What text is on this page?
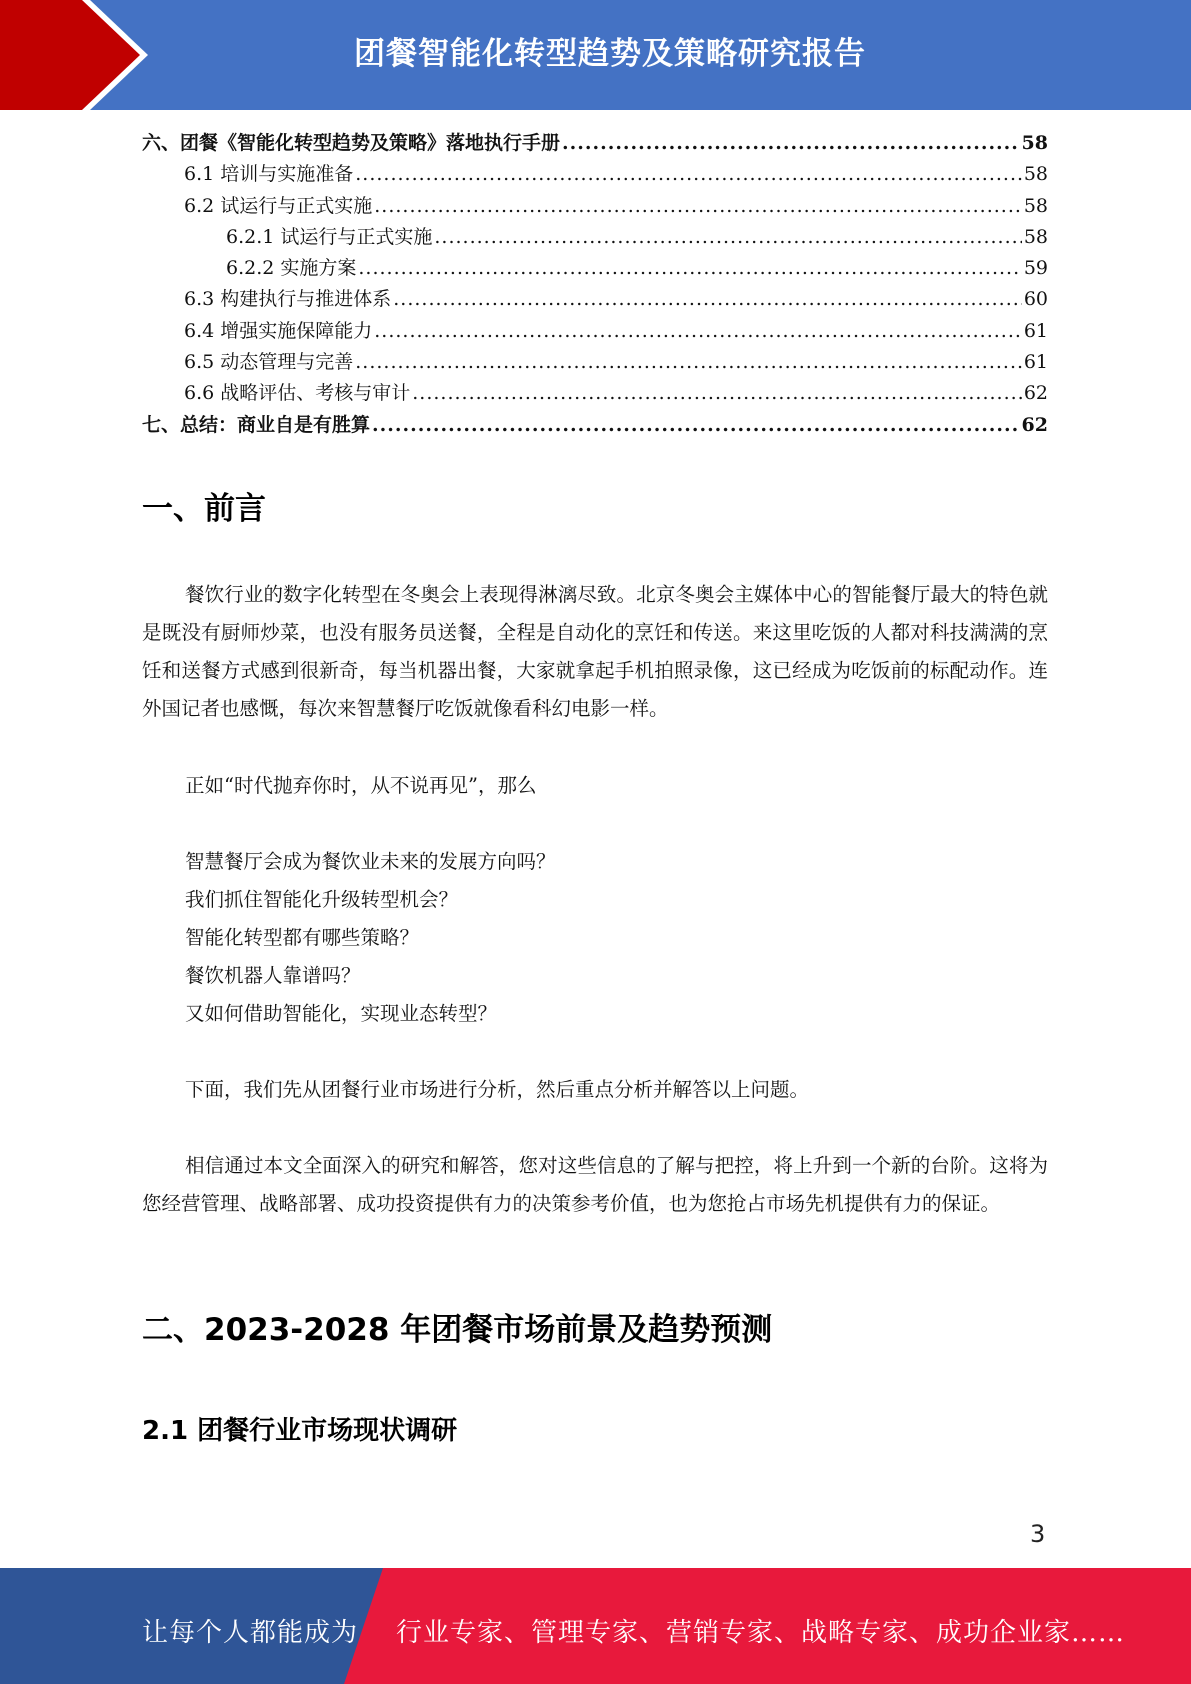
团餐智能化转型趋势及策略研究报告
六、团餐《智能化转型趋势及策略》落地执行手册 .....	58
6.1 培训与实施准备 .....	58
6.2 试运行与正式实施 .....	58
6.2.1 试运行与正式实施 .....	58
6.2.2 实施方案 .....	59
6.3 构建执行与推进体系 .....	60
6.4 增强实施保障能力 .....	61
6.5 动态管理与完善 .....	61
6.6 战略评估、考核与审计 .....	62
七、总结：商业自是有胜算 .....	62
一、前言

餐饮行业的数字化转型在冬奥会上表现得淋漓尽致。北京冬奥会主媒体中心的智能餐厅最大的特色就是既没有厨师炒菜，也没有服务员送餐，全程是自动化的烹饪和传送。来这里吃饭的人都对科技满满的烹饪和送餐方式感到很新奇，每当机器出餐，大家就拿起手机拍照录像，这已经成为吃饭前的标配动作。连外国记者也感慨，每次来智慧餐厅吃饭就像看科幻电影一样。

正如“时代抛弃你时，从不说再见”，那么
智慧餐厅会成为餐饮业未来的发展方向吗？
我们抓住智能化升级转型机会？
智能化转型都有哪些策略？
餐饮机器人靠谱吗？
又如何借助智能化，实现业态转型？
下面，我们先从团餐行业市场进行分析，然后重点分析并解答以上问题。

相信通过本文全面深入的研究和解答，您对这些信息的了解与把控，将上升到一个新的台阶。这将为您经营管理、战略部署、成功投资提供有力的决策参考价值，也为您抢占市场先机提供有力的保证。

二、2023-2028 年团餐市场前景及趋势预测
2.1 团餐行业市场现状调研
3
让每个人都能成为 行业专家、管理专家、营销专家、战略专家、成功企业家……
